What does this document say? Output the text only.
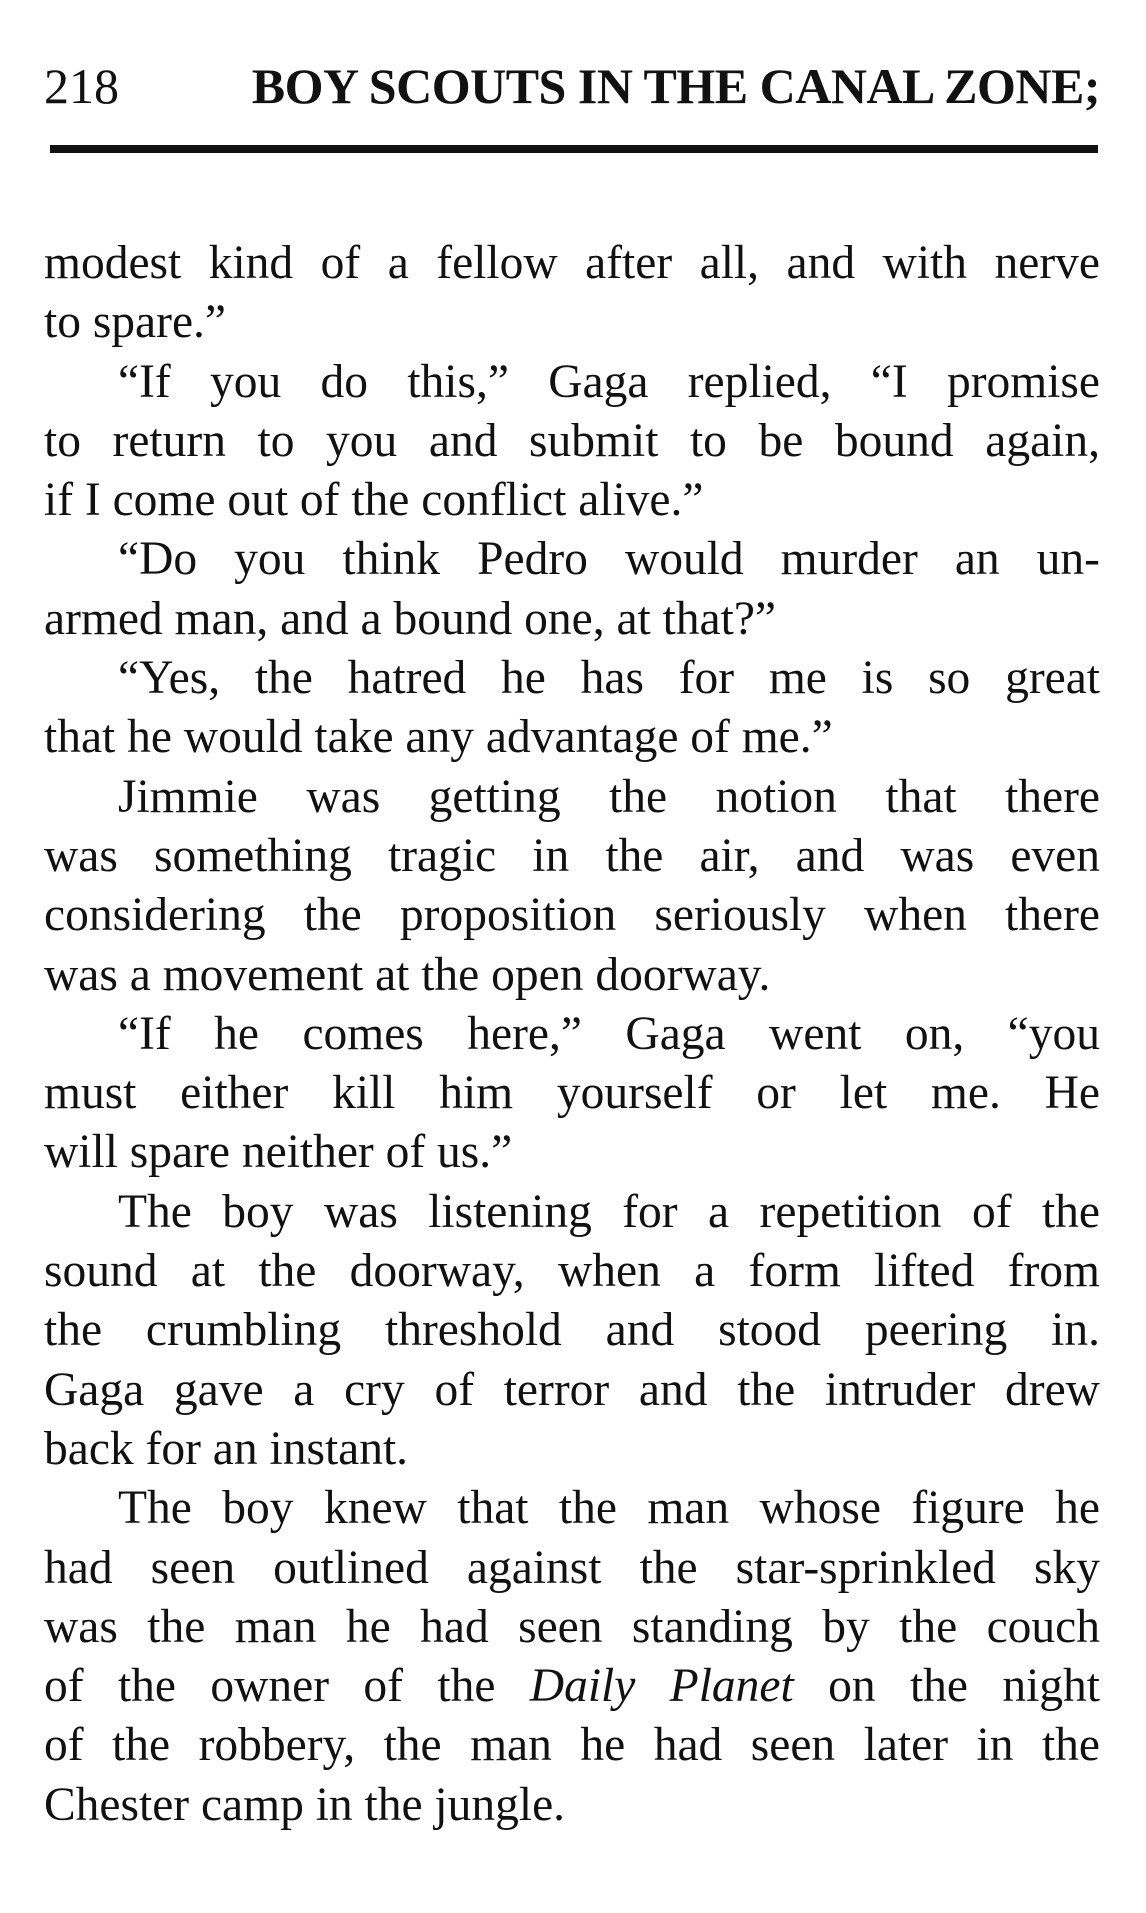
218	BOY SCOUTS IN THE CANAL ZONE;
modest kind of a fellow after all, and with nerve
to spare.”
“If you do this,” Gaga replied, “I promise
to return to you and submit to be bound again,
if I come out of the conflict alive.”
“Do you think Pedro would murder an un-
armed man, and a bound one, at that?”
“Yes, the hatred he has for me is so great
that he would take any advantage of me.”
Jimmie was getting the notion that there
was something tragic in the air, and was even
considering the proposition seriously when there
was a movement at the open doorway.
“If he comes here,” Gaga went on, “you
must either kill him yourself or let me. He
will spare neither of us.”
The boy was listening for a repetition of the
sound at the doorway, when a form lifted from
the crumbling threshold and stood peering in.
Gaga gave a cry of terror and the intruder drew
back for an instant.
The boy knew that the man whose figure he
had seen outlined against the star-sprinkled sky
was the man he had seen standing by the couch
of the owner of the Daily Planet on the night
of the robbery, the man he had seen later in the
Chester camp in the jungle.
